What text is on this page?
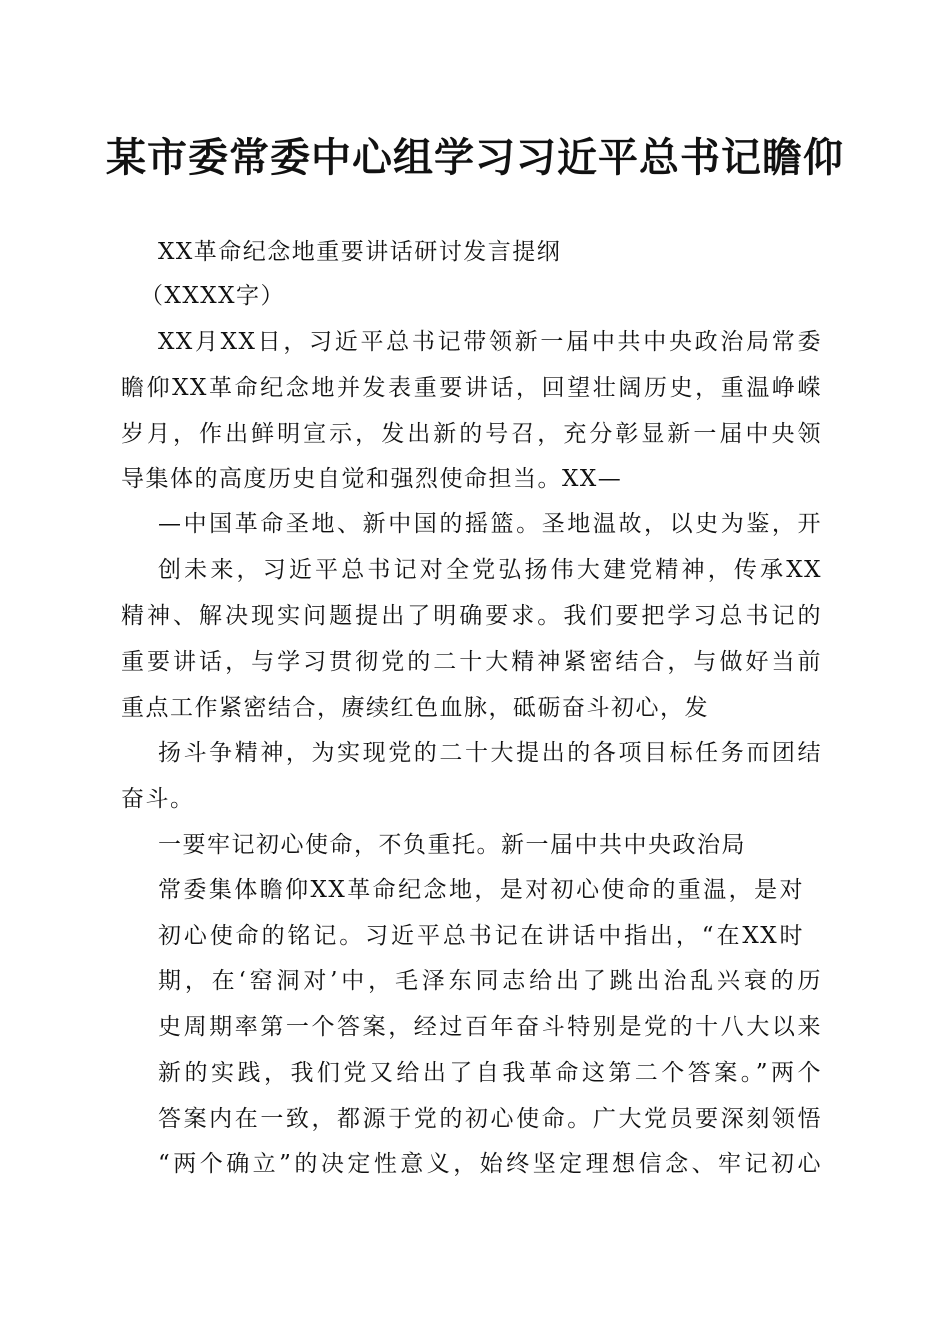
某市委常委中心组学习习近平总书记瞻仰
XX革命纪念地重要讲话研讨发言提纲
（XXXX字）
XX月XX日，习近平总书记带领新一届中共中央政治局常委
瞻仰XX革命纪念地并发表重要讲话，回望壮阔历史，重温峥嵘
岁月，作出鲜明宣示，发出新的号召，充分彰显新一届中央领
导集体的高度历史自觉和强烈使命担当。XX—
—中国革命圣地、新中国的摇篮。圣地温故，以史为鉴，开
创未来，习近平总书记对全党弘扬伟大建党精神，传承XX
精神、解决现实问题提出了明确要求。我们要把学习总书记的
重要讲话，与学习贯彻党的二十大精神紧密结合，与做好当前
重点工作紧密结合，赓续红色血脉，砥砺奋斗初心，发
扬斗争精神，为实现党的二十大提出的各项目标任务而团结
奋斗。
一要牢记初心使命，不负重托。新一届中共中央政治局
常委集体瞻仰XX革命纪念地，是对初心使命的重温，是对
初心使命的铭记。习近平总书记在讲话中指出，“在XX时
期，在‘窑洞对’中，毛泽东同志给出了跳出治乱兴衰的历
史周期率第一个答案，经过百年奋斗特别是党的十八大以来
新的实践，我们党又给出了自我革命这第二个答案。”两个
答案内在一致，都源于党的初心使命。广大党员要深刻领悟
“两个确立”的决定性意义，始终坚定理想信念、牢记初心
